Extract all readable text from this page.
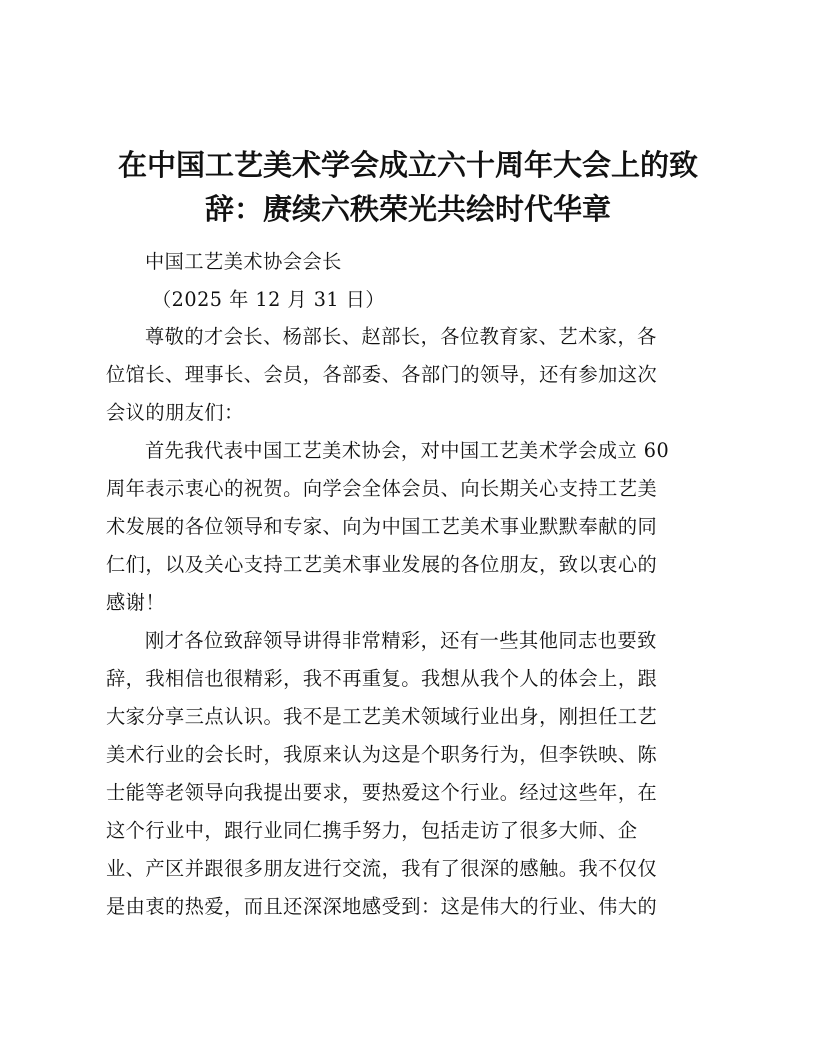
在中国工艺美术学会成立六十周年大会上的致
辞：赓续六秩荣光共绘时代华章
中国工艺美术协会会长
（2025 年 12 月 31 日）
尊敬的才会长、杨部长、赵部长，各位教育家、艺术家，各
位馆长、理事长、会员，各部委、各部门的领导，还有参加这次
会议的朋友们：
首先我代表中国工艺美术协会，对中国工艺美术学会成立 60
周年表示衷心的祝贺。向学会全体会员、向长期关心支持工艺美
术发展的各位领导和专家、向为中国工艺美术事业默默奉献的同
仁们，以及关心支持工艺美术事业发展的各位朋友，致以衷心的
感谢！
刚才各位致辞领导讲得非常精彩，还有一些其他同志也要致
辞，我相信也很精彩，我不再重复。我想从我个人的体会上，跟
大家分享三点认识。我不是工艺美术领域行业出身，刚担任工艺
美术行业的会长时，我原来认为这是个职务行为，但李铁映、陈
士能等老领导向我提出要求，要热爱这个行业。经过这些年，在
这个行业中，跟行业同仁携手努力，包括走访了很多大师、企
业、产区并跟很多朋友进行交流，我有了很深的感触。我不仅仅
是由衷的热爱，而且还深深地感受到：这是伟大的行业、伟大的
